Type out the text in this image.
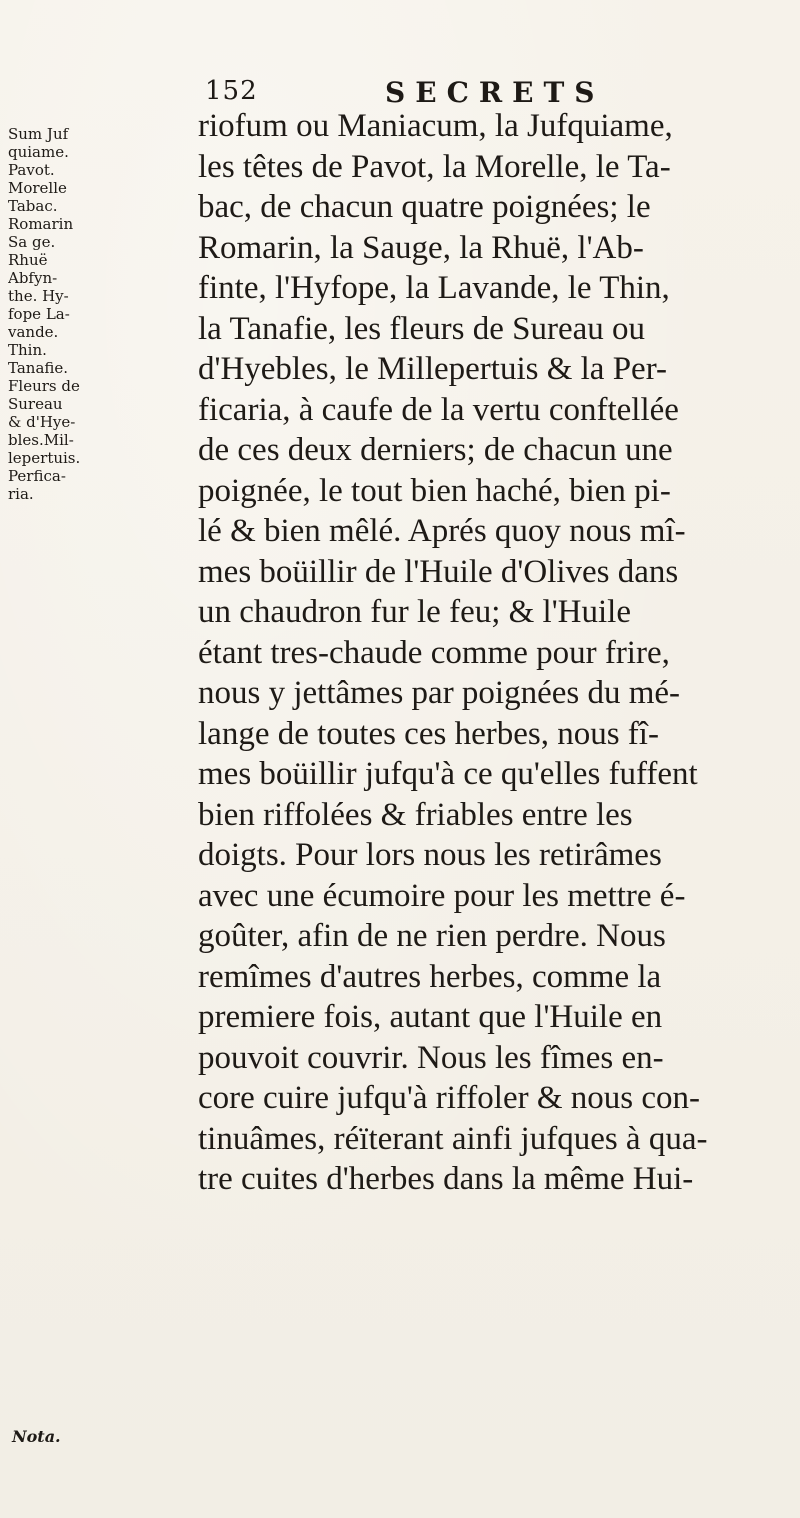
152	SECRETS
Sum Juf
quiame.
Pavot.
Morelle
Tabac.
Romarin
Sa ge.
Rhuë
Abfyn-
the. Hy-
fope La-
vande.
Thin.
Tanafie.
Fleurs de
Sureau
& d'Hye-
bles.Mil-
lepertuis.
Perfica-
ria.
Nota.
riofum ou Maniacum, la Jufquiame,
les têtes de Pavot, la Morelle, le Ta-
bac, de chacun quatre poignées; le
Romarin, la Sauge, la Rhuë, l'Ab-
finte, l'Hyfope, la Lavande, le Thin,
la Tanafie, les fleurs de Sureau ou
d'Hyebles, le Millepertuis & la Per-
ficaria, à caufe de la vertu conftellée
de ces deux derniers; de chacun une
poignée, le tout bien haché, bien pi-
lé & bien mêlé. Aprés quoy nous mî-
mes boüillir de l'Huile d'Olives dans
un chaudron fur le feu; & l'Huile
étant tres-chaude comme pour frire,
nous y jettâmes par poignées du mé-
lange de toutes ces herbes, nous fî-
mes boüillir jufqu'à ce qu'elles fuffent
bien riffolées & friables entre les
doigts. Pour lors nous les retirâmes
avec une écumoire pour les mettre é-
goûter, afin de ne rien perdre. Nous
remîmes d'autres herbes, comme la
premiere fois, autant que l'Huile en
pouvoit couvrir. Nous les fîmes en-
core cuire jufqu'à riffoler & nous con-
tinuâmes, réïterant ainfi jufques à qua-
tre cuites d'herbes dans la même Hui-
